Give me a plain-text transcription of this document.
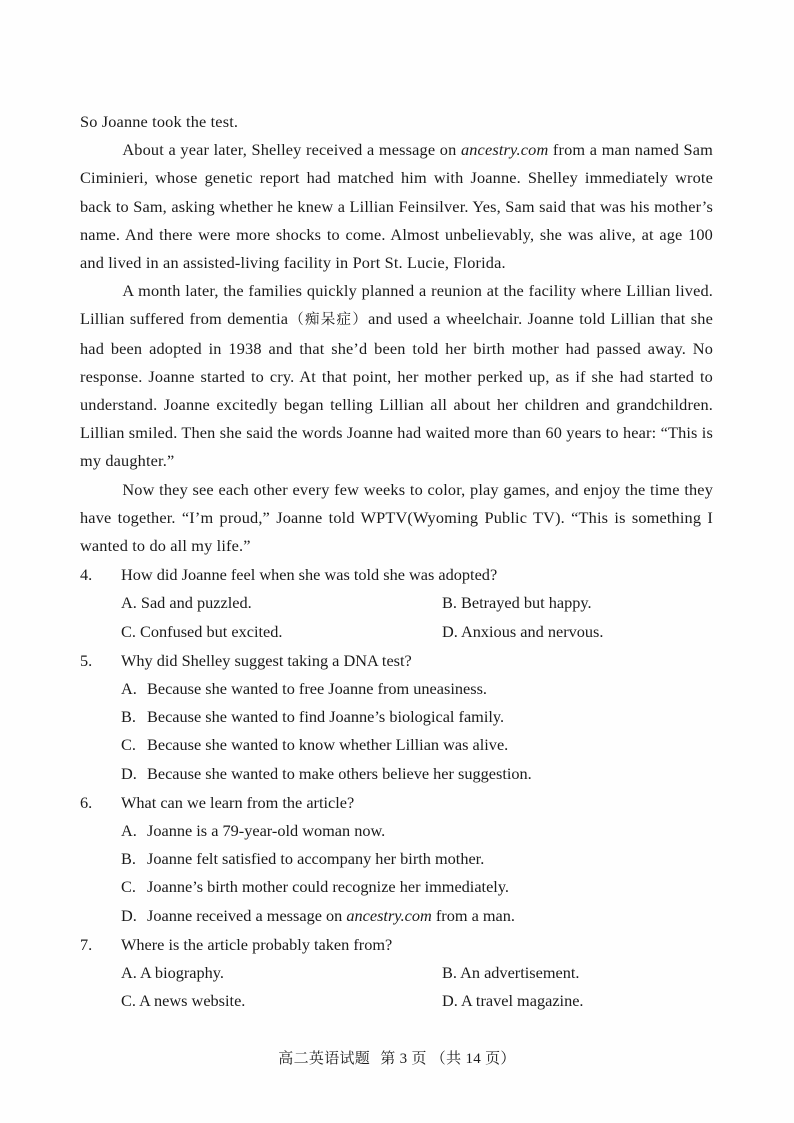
So Joanne took the test.

About a year later, Shelley received a message on ancestry.com from a man named Sam Ciminieri, whose genetic report had matched him with Joanne. Shelley immediately wrote back to Sam, asking whether he knew a Lillian Feinsilver. Yes, Sam said that was his mother’s name. And there were more shocks to come. Almost unbelievably, she was alive, at age 100 and lived in an assisted-living facility in Port St. Lucie, Florida.

A month later, the families quickly planned a reunion at the facility where Lillian lived. Lillian suffered from dementia（痴呆症）and used a wheelchair. Joanne told Lillian that she had been adopted in 1938 and that she’d been told her birth mother had passed away. No response. Joanne started to cry. At that point, her mother perked up, as if she had started to understand. Joanne excitedly began telling Lillian all about her children and grandchildren. Lillian smiled. Then she said the words Joanne had waited more than 60 years to hear: “This is my daughter.”

Now they see each other every few weeks to color, play games, and enjoy the time they have together. “I’m proud,” Joanne told WPTV(Wyoming Public TV). “This is something I wanted to do all my life.”

4.	How did Joanne feel when she was told she was adopted?
A. Sad and puzzled.	B. Betrayed but happy.
C. Confused but excited.	D. Anxious and nervous.
5.	Why did Shelley suggest taking a DNA test?
A. Because she wanted to free Joanne from uneasiness.
B. Because she wanted to find Joanne’s biological family.
C. Because she wanted to know whether Lillian was alive.
D. Because she wanted to make others believe her suggestion.
6.	What can we learn from the article?
A. Joanne is a 79-year-old woman now.
B. Joanne felt satisfied to accompany her birth mother.
C. Joanne’s birth mother could recognize her immediately.
D. Joanne received a message on ancestry.com from a man.
7.	Where is the article probably taken from?
A. A biography.	B. An advertisement.
C. A news website.	D. A travel magazine.
高二英语试题 第 3 页 （共 14 页）
